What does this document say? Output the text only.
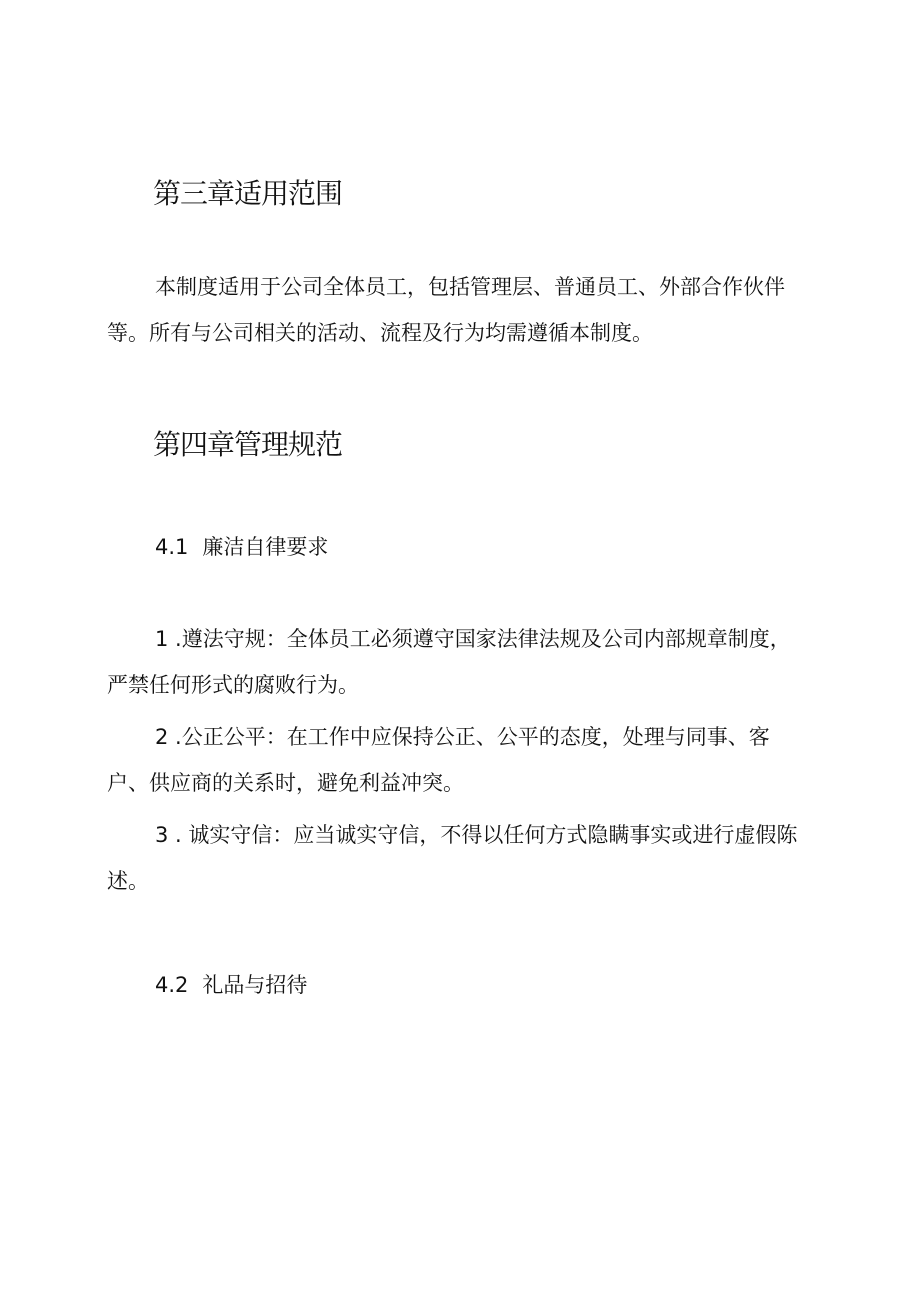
第三章适用范围
本制度适用于公司全体员工，包括管理层、普通员工、外部合作伙伴
等。所有与公司相关的活动、流程及行为均需遵循本制度。
第四章管理规范
4.1 廉洁自律要求
1 .遵法守规：全体员工必须遵守国家法律法规及公司内部规章制度，
严禁任何形式的腐败行为。
2 .公正公平：在工作中应保持公正、公平的态度，处理与同事、客
户、供应商的关系时，避免利益冲突。
3 . 诚实守信：应当诚实守信，不得以任何方式隐瞒事实或进行虚假陈
述。
4.2 礼品与招待
